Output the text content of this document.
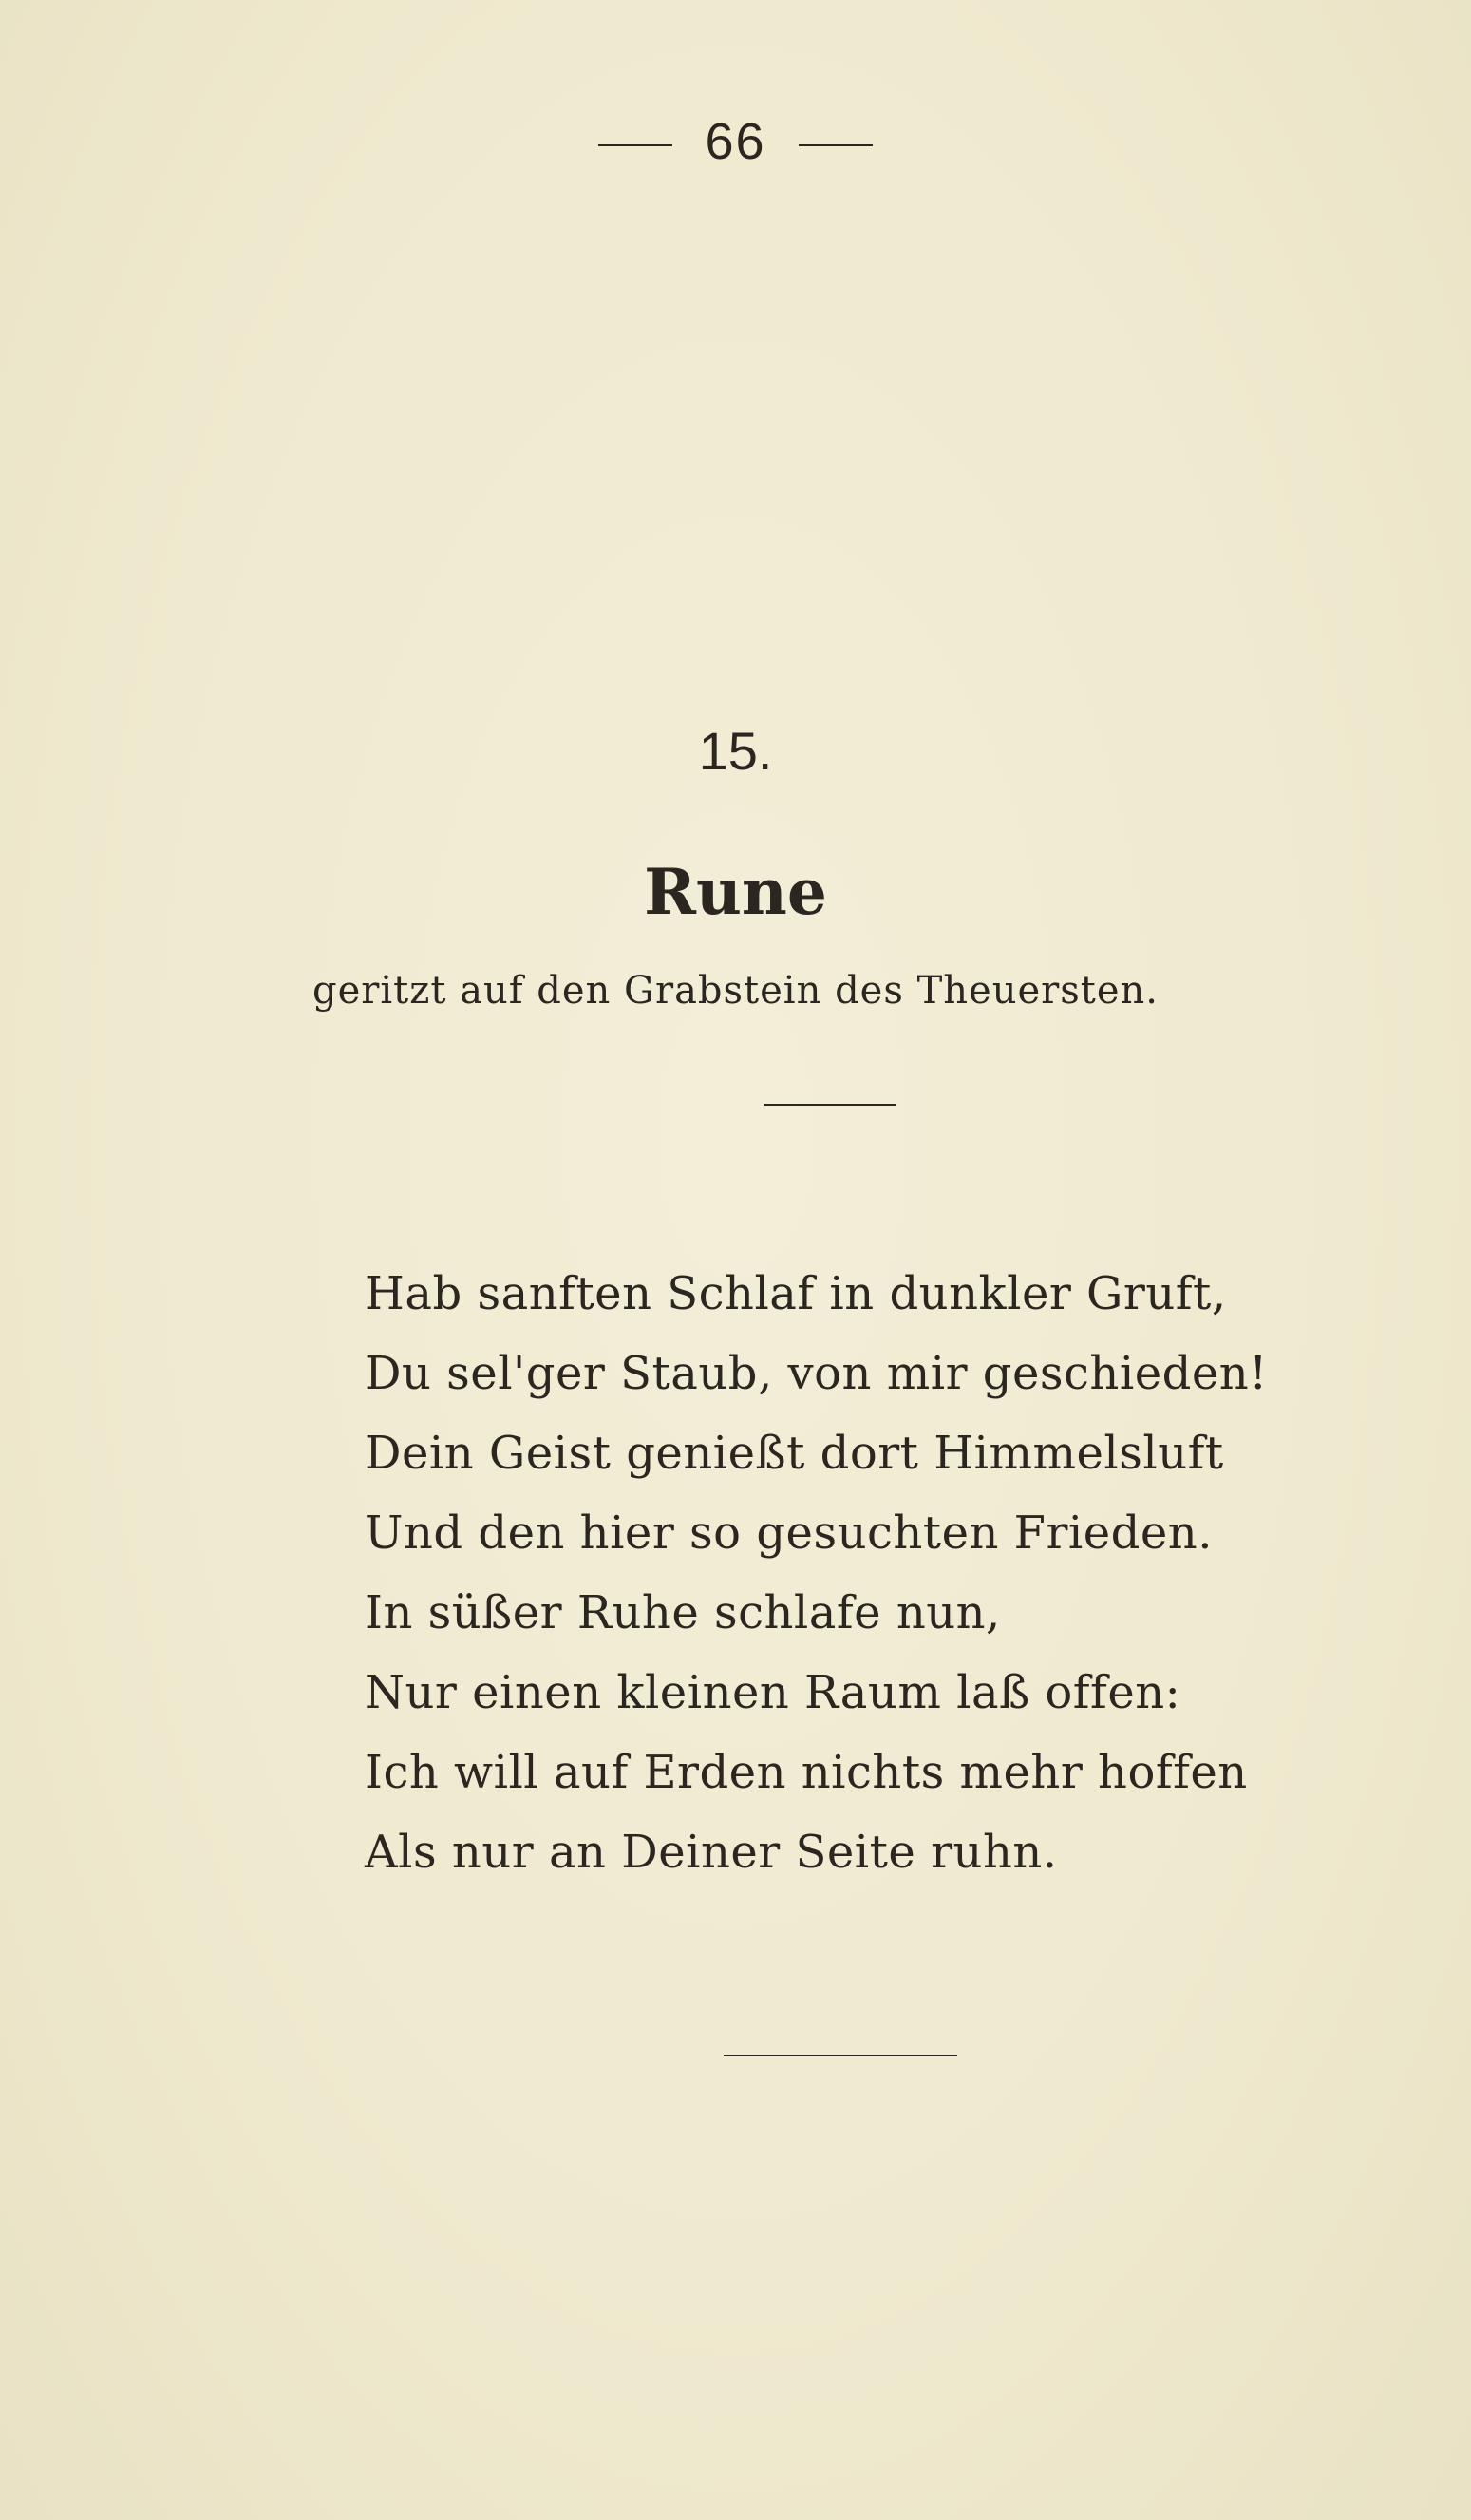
66
15.
Rune
geritzt auf den Grabstein des Theuersten.
Hab sanften Schlaf in dunkler Gruft,
Du sel'ger Staub, von mir geschieden!
Dein Geist genießt dort Himmelsluft
Und den hier so gesuchten Frieden.
In süßer Ruhe schlafe nun,
Nur einen kleinen Raum laß offen:
Ich will auf Erden nichts mehr hoffen
Als nur an Deiner Seite ruhn.
